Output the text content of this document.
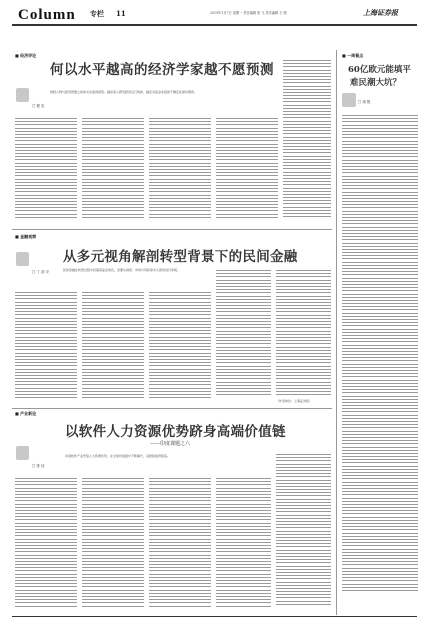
Column 专栏 11	2019年1月7日 星期一 责任编辑 张 飞 美术编辑 王 路	上海证券报
■ 经济评论
何以水平越高的经济学家越不愿预测
□ 程 实
财经人物与经济预测之间的关系值得深思。越是深入研究经济运行规律，越会对复杂系统的不确定性保持敬畏。
■ 一周看点
60亿欧元能填平
难民潮大坑？
□ 周 锐
■ 金融观察
从多元视角解剖转型背景下的民间金融
□ 丁 剑 平	民间金融在转型过程中扮演着复杂角色，需要从制度、市场与风险等多元视角进行审视。
（作者单位：上海证券报）
■ 产业新论
以软件人力资源优势跻身高端价值链
——印度课题之六
□ 张 佳
印度软件产业凭借人力资源优势，在全球价值链中不断攀升，其经验值得借鉴。
